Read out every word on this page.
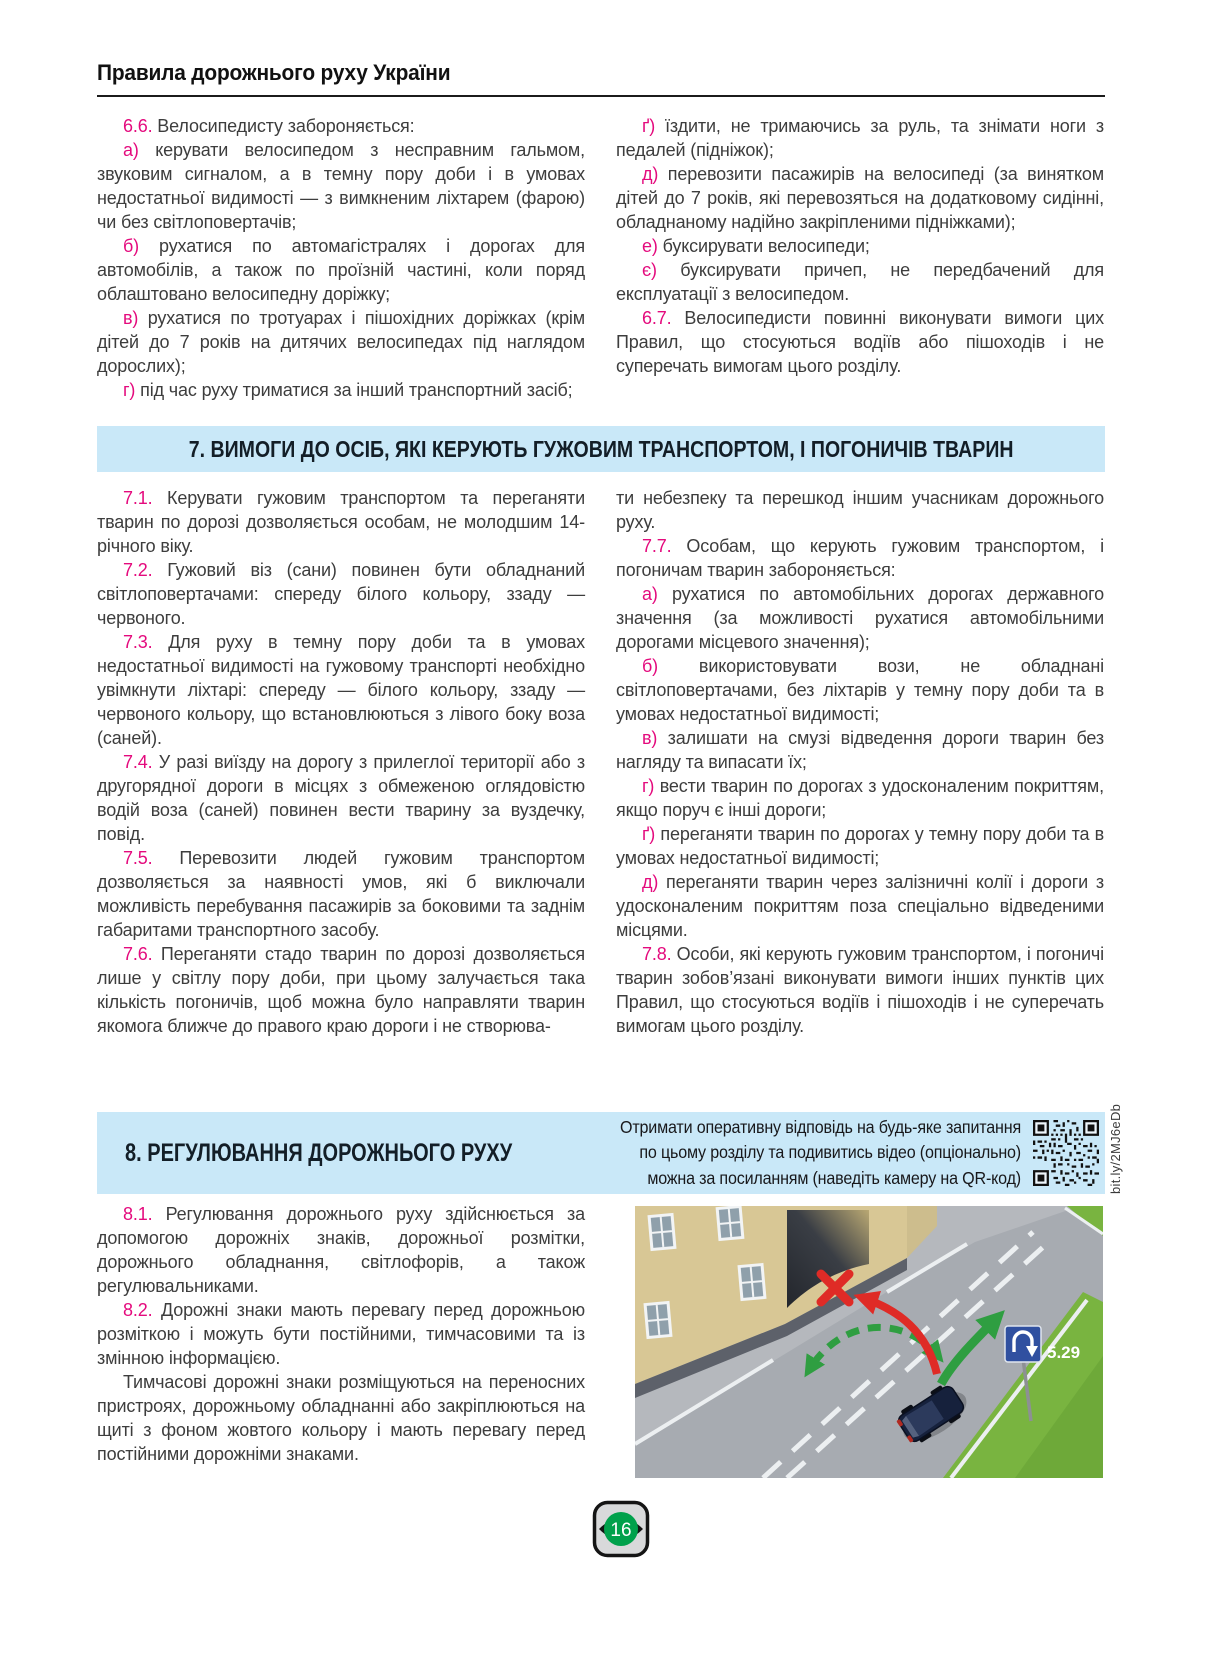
Правила дорожнього руху України

6.6. Велосипедисту забороняється:

а) керувати велосипедом з несправним гальмом, звуковим сигналом, а в темну пору доби і в умовах недостатньої видимості — з вимкненим ліхтарем (фарою) чи без світлоповертачів;

б) рухатися по автомагістралях і дорогах для автомобілів, а також по проїзній частині, коли поряд облаштовано велосипедну доріжку;

в) рухатися по тротуарах і пішохідних доріжках (крім дітей до 7 років на дитячих велосипедах під наглядом дорослих);

г) під час руху триматися за інший транспортний засіб;

ґ) їздити, не тримаючись за руль, та знімати ноги з педалей (підніжок);

д) перевозити пасажирів на велосипеді (за винятком дітей до 7 років, які перевозяться на додатковому сидінні, обладнаному надійно закріпленими підніжками);

е) буксирувати велосипеди;

є) буксирувати причеп, не передбачений для експлуатації з велосипедом.

6.7. Велосипедисти повинні виконувати вимоги цих Правил, що стосуються водіїв або пішоходів і не суперечать вимогам цього розділу.

7. ВИМОГИ ДО ОСІБ, ЯКІ КЕРУЮТЬ ГУЖОВИМ ТРАНСПОРТОМ, І ПОГОНИЧІВ ТВАРИН

7.1. Керувати гужовим транспортом та переганяти тварин по дорозі дозволяється особам, не молодшим 14-річного віку.

7.2. Гужовий віз (сани) повинен бути обладнаний світлоповертачами: спереду білого кольору, ззаду — червоного.

7.3. Для руху в темну пору доби та в умовах недостатньої видимості на гужовому транспорті необхідно увімкнути ліхтарі: спереду — білого кольору, ззаду — червоного кольору, що встановлюються з лівого боку воза (саней).

7.4. У разі виїзду на дорогу з прилеглої території або з другорядної дороги в місцях з обмеженою оглядовістю водій воза (саней) повинен вести тварину за вуздечку, повід.

7.5. Перевозити людей гужовим транспортом дозволяється за наявності умов, які б виключали можливість перебування пасажирів за боковими та заднім габаритами транспортного засобу.

7.6. Переганяти стадо тварин по дорозі дозволяється лише у світлу пору доби, при цьому залучається така кількість погоничів, щоб можна було направляти тварин якомога ближче до правого краю дороги і не створюва-

ти небезпеку та перешкод іншим учасникам дорожнього руху.

7.7. Особам, що керують гужовим транспортом, і погоничам тварин забороняється:

а) рухатися по автомобільних дорогах державного значення (за можливості рухатися автомобільними дорогами місцевого значення);

б) використовувати вози, не обладнані світлоповертачами, без ліхтарів у темну пору доби та в умовах недостатньої видимості;

в) залишати на смузі відведення дороги тварин без нагляду та випасати їх;

г) вести тварин по дорогах з удосконаленим покриттям, якщо поруч є інші дороги;

ґ) переганяти тварин по дорогах у темну пору доби та в умовах недостатньої видимості;

д) переганяти тварин через залізничні колії і дороги з удосконаленим покриттям поза спеціально відведеними місцями.

7.8. Особи, які керують гужовим транспортом, і погоничі тварин зобов’язані виконувати вимоги інших пунктів цих Правил, що стосуються водіїв і пішоходів і не суперечать вимогам цього розділу.

8. РЕГУЛЮВАННЯ ДОРОЖНЬОГО РУХУ
Отримати оперативну відповідь на будь-яке запитання
по цьому розділу та подивитись відео (опціонально)
можна за посиланням (наведіть камеру на QR-код)	bit.ly/2MJ6eDb

8.1. Регулювання дорожнього руху здійснюється за допомогою дорожніх знаків, дорожньої розмітки, дорожнього обладнання, світлофорів, а також регулювальниками.

8.2. Дорожні знаки мають перевагу перед дорожньою розміткою і можуть бути постійними, тимчасовими та із змінною інформацією.

Тимчасові дорожні знаки розміщуються на переносних пристроях, дорожньому обладнанні або закріплюються на щиті з фоном жовтого кольору і мають перевагу перед постійними дорожніми знаками.

5.29
16
